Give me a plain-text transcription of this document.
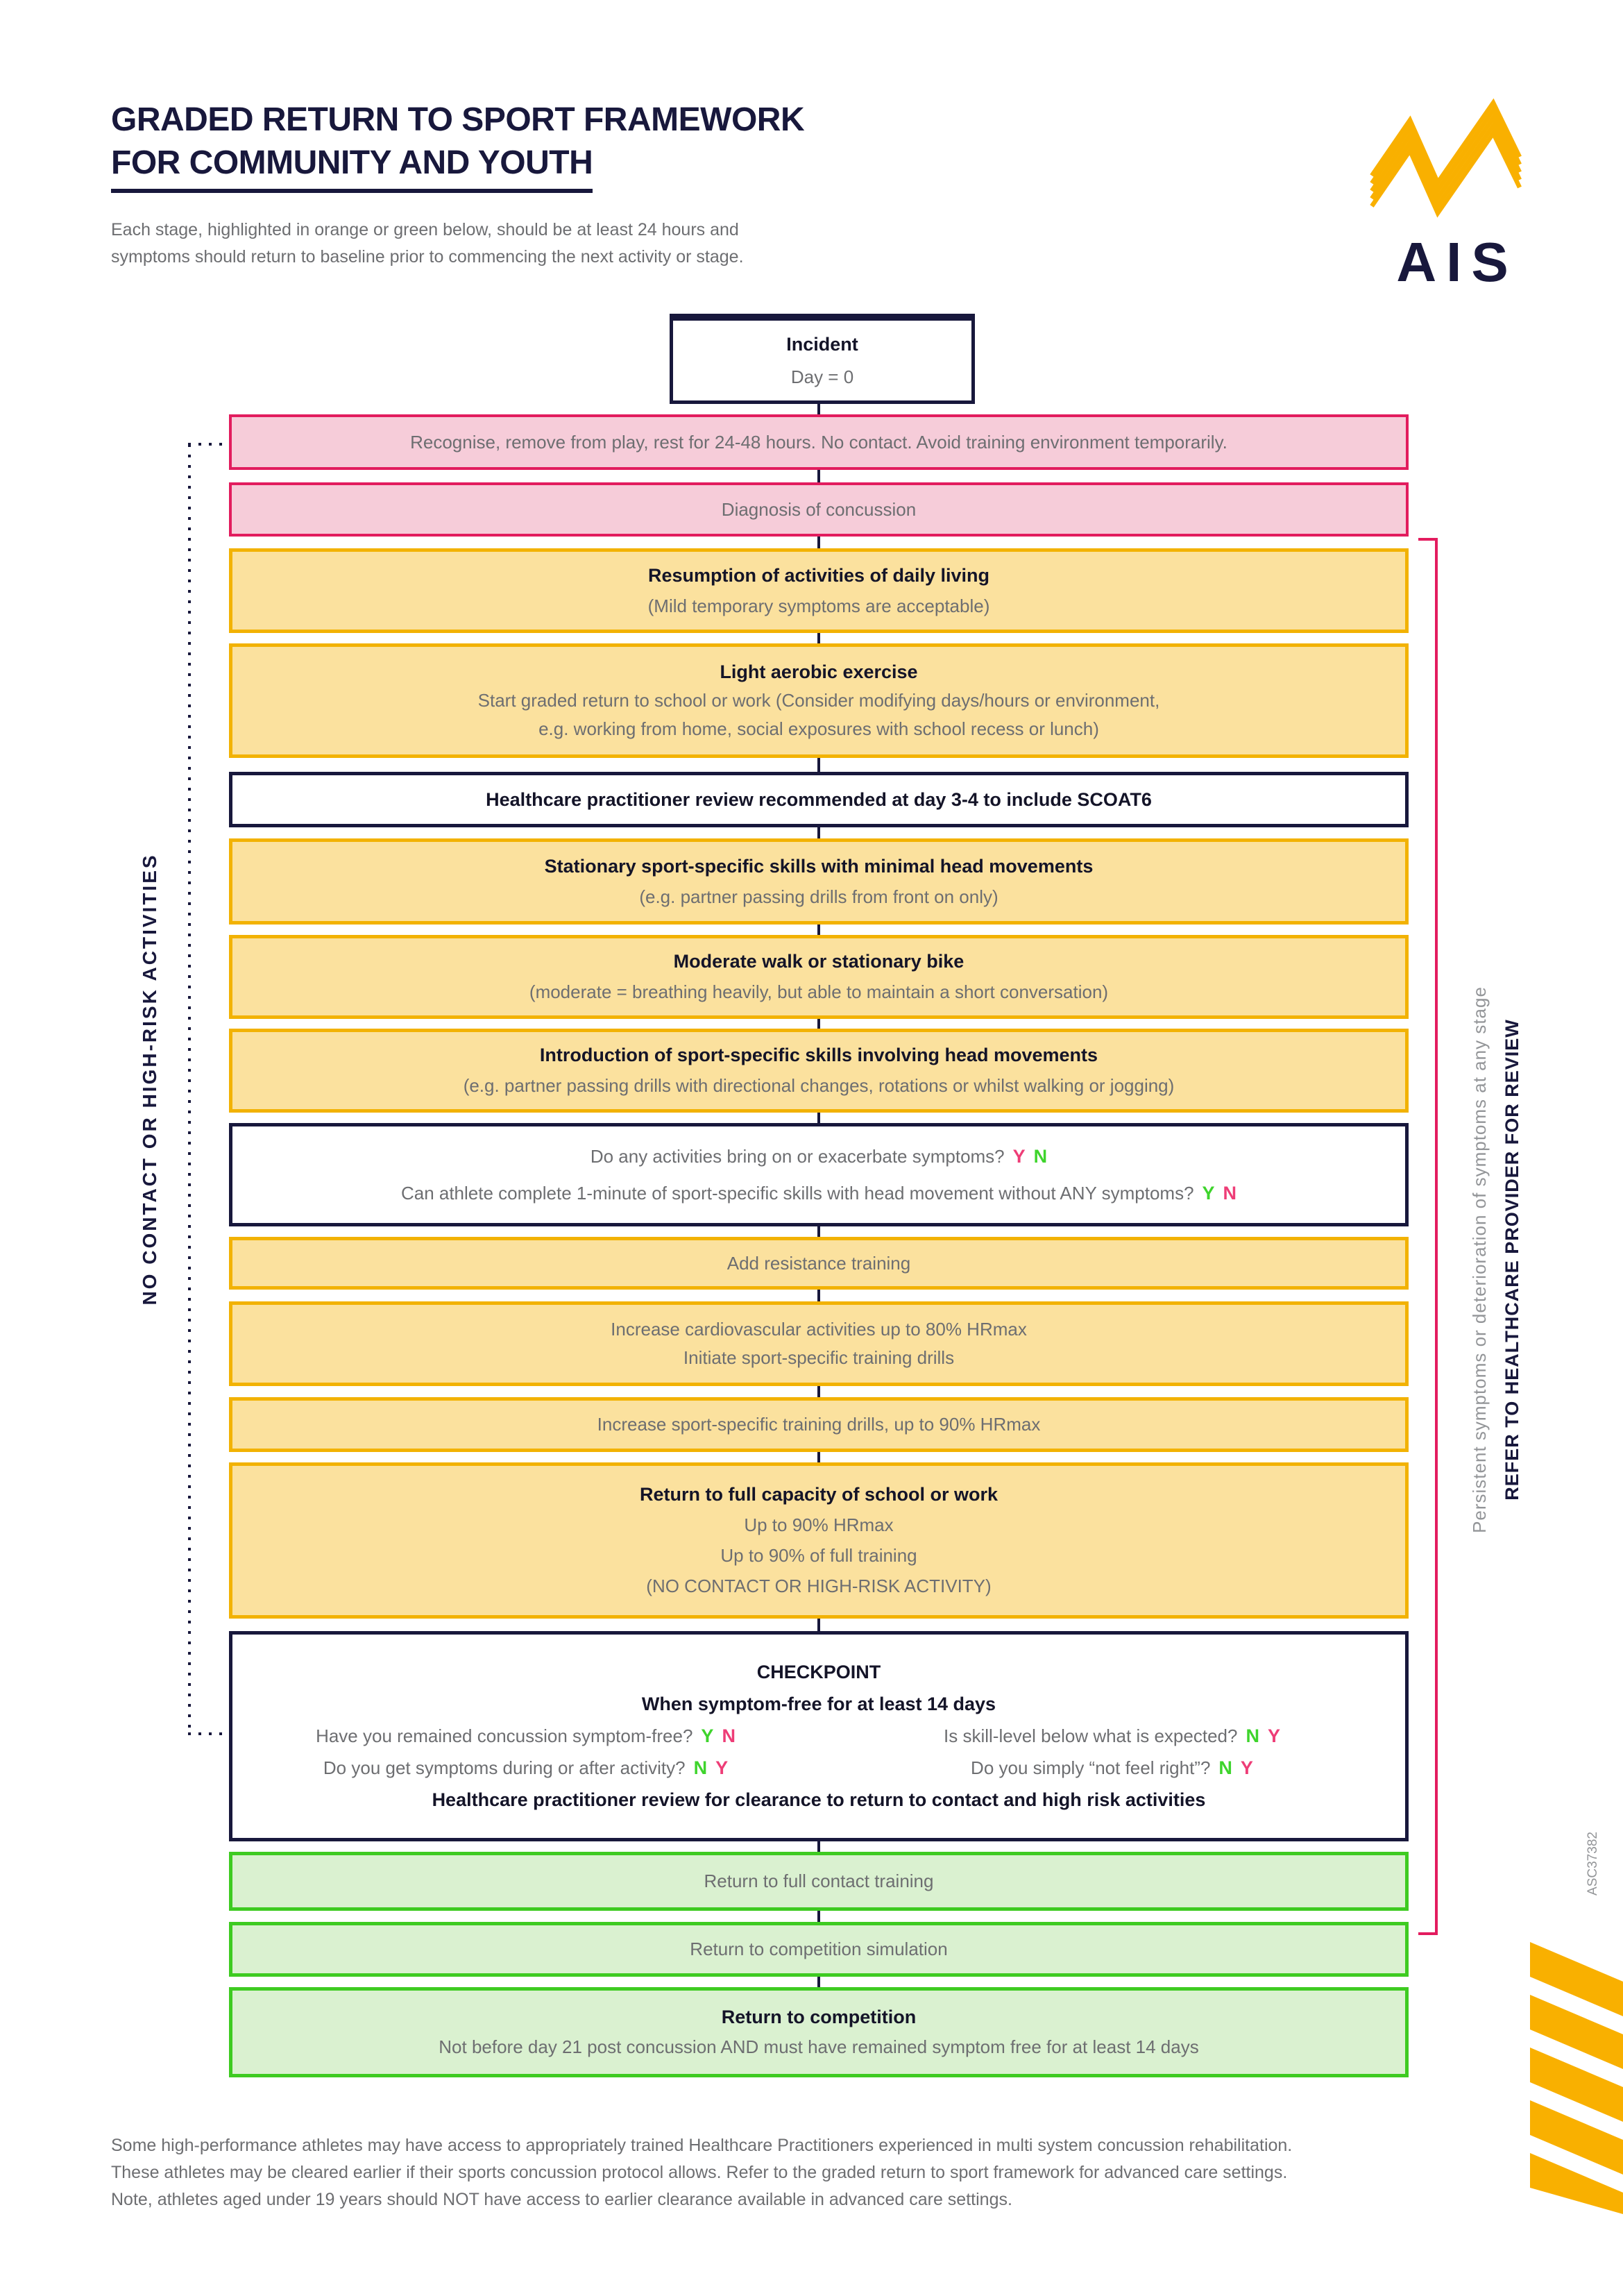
GRADED RETURN TO SPORT FRAMEWORK
FOR COMMUNITY AND YOUTH
Each stage, highlighted in orange or green below, should be at least 24 hours and
symptoms should return to baseline prior to commencing the next activity or stage.	AIS
Incident
Day = 0
Recognise, remove from play, rest for 24-48 hours. No contact. Avoid training environment temporarily.
Diagnosis of concussion
Resumption of activities of daily living
(Mild temporary symptoms are acceptable)
Light aerobic exercise
Start graded return to school or work (Consider modifying days/hours or environment,
e.g. working from home, social exposures with school recess or lunch)
Healthcare practitioner review recommended at day 3-4 to include SCOAT6
Stationary sport-specific skills with minimal head movements
(e.g. partner passing drills from front on only)
Moderate walk or stationary bike
(moderate = breathing heavily, but able to maintain a short conversation)
Introduction of sport-specific skills involving head movements
(e.g. partner passing drills with directional changes, rotations or whilst walking or jogging)
Do any activities bring on or exacerbate symptoms? Y N
Can athlete complete 1-minute of sport-specific skills with head movement without ANY symptoms? Y N
Add resistance training
Increase cardiovascular activities up to 80% HRmax
Initiate sport-specific training drills
Increase sport-specific training drills, up to 90% HRmax
Return to full capacity of school or work
Up to 90% HRmax
Up to 90% of full training
(NO CONTACT OR HIGH-RISK ACTIVITY)
CHECKPOINT
When symptom-free for at least 14 days
Have you remained concussion symptom-free? Y N	Is skill-level below what is expected? N Y
Do you get symptoms during or after activity? N Y	Do you simply “not feel right”? N Y
Healthcare practitioner review for clearance to return to contact and high risk activities
Return to full contact training
Return to competition simulation
Return to competition
Not before day 21 post concussion AND must have remained symptom free for at least 14 days
NO CONTACT OR HIGH-RISK ACTIVITIES	Persistent symptoms or deterioration of symptoms at any stage REFER TO HEALTHCARE PROVIDER FOR REVIEW
ASC37382
Some high-performance athletes may have access to appropriately trained Healthcare Practitioners experienced in multi system concussion rehabilitation.
These athletes may be cleared earlier if their sports concussion protocol allows. Refer to the graded return to sport framework for advanced care settings.
Note, athletes aged under 19 years should NOT have access to earlier clearance available in advanced care settings.
